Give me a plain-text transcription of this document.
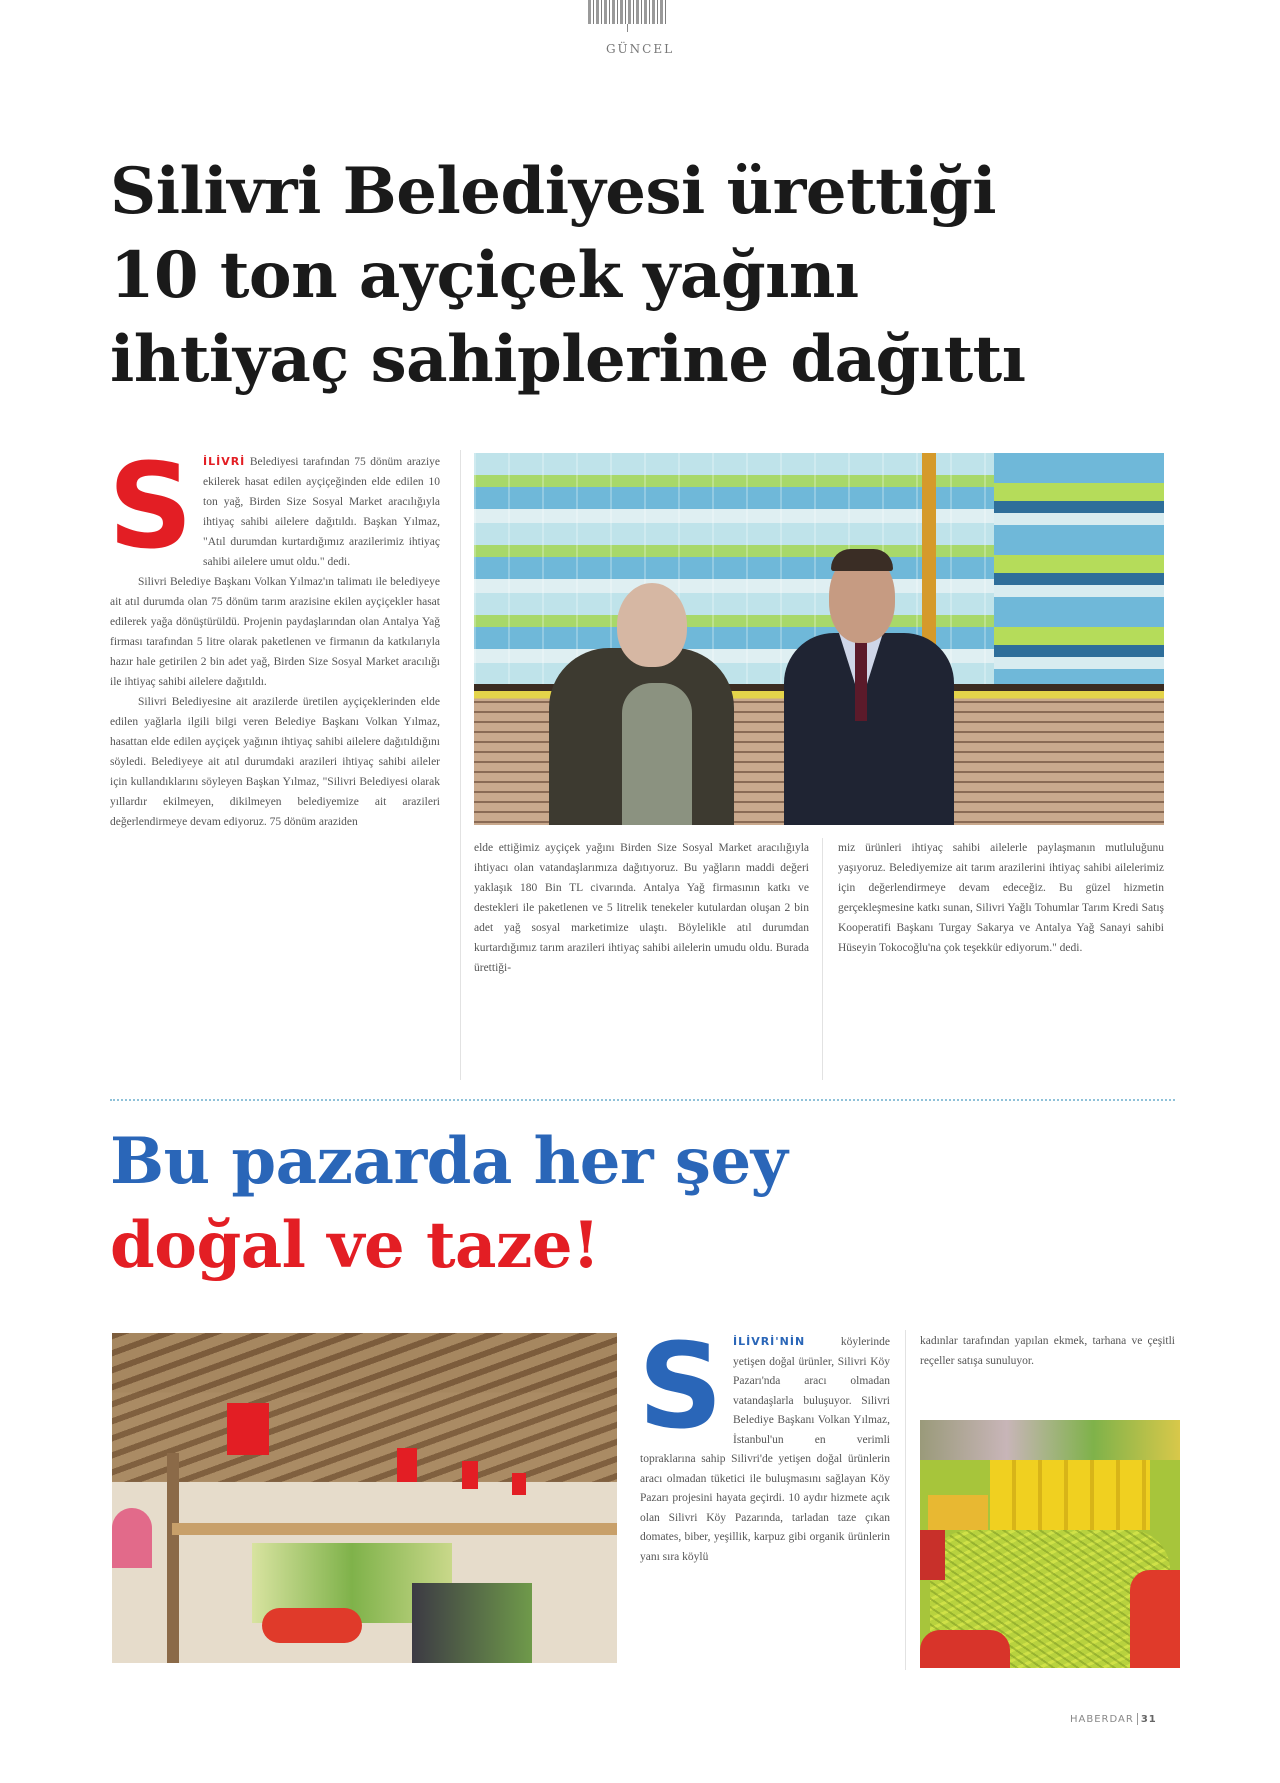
GÜNCEL
Silivri Belediyesi ürettiği
10 ton ayçiçek yağını
ihtiyaç sahiplerine dağıttı

S İLİVRİ Belediyesi tarafından 75 dönüm araziye ekilerek hasat edilen ayçiçeğinden elde edilen 10 ton yağ, Birden Size Sosyal Market aracılığıyla ihtiyaç sahibi ailelere dağıtıldı. Başkan Yılmaz, "Atıl durumdan kurtardığımız arazilerimiz ihtiyaç sahibi ailelere umut oldu." dedi.

Silivri Belediye Başkanı Volkan Yılmaz'ın talimatı ile belediyeye ait atıl durumda olan 75 dönüm tarım arazisine ekilen ayçiçekler hasat edilerek yağa dönüştürüldü. Projenin paydaşlarından olan Antalya Yağ firması tarafından 5 litre olarak paketlenen ve firmanın da katkılarıyla hazır hale getirilen 2 bin adet yağ, Birden Size Sosyal Market aracılığı ile ihtiyaç sahibi ailelere dağıtıldı.

Silivri Belediyesine ait arazilerde üretilen ayçiçeklerinden elde edilen yağlarla ilgili bilgi veren Belediye Başkanı Volkan Yılmaz, hasattan elde edilen ayçiçek yağının ihtiyaç sahibi ailelere dağıtıldığını söyledi. Belediyeye ait atıl durumdaki arazileri ihtiyaç sahibi aileler için kullandıklarını söyleyen Başkan Yılmaz, "Silivri Belediyesi olarak yıllardır ekilmeyen, dikilmeyen belediyemize ait arazileri değerlendirmeye devam ediyoruz. 75 dönüm araziden

elde ettiğimiz ayçiçek yağını Birden Size Sosyal Market aracılığıyla ihtiyacı olan vatandaşlarımıza dağıtıyoruz. Bu yağların maddi değeri yaklaşık 180 Bin TL civarında. Antalya Yağ firmasının katkı ve destekleri ile paketlenen ve 5 litrelik tenekeler kutulardan oluşan 2 bin adet yağ sosyal marketimize ulaştı. Böylelikle atıl durumdan kurtardığımız tarım arazileri ihtiyaç sahibi ailelerin umudu oldu. Burada ürettiği-

miz ürünleri ihtiyaç sahibi ailelerle paylaşmanın mutluluğunu yaşıyoruz. Belediyemize ait tarım arazilerini ihtiyaç sahibi ailelerimiz için değerlendirmeye devam edeceğiz. Bu güzel hizmetin gerçekleşmesine katkı sunan, Silivri Yağlı Tohumlar Tarım Kredi Satış Kooperatifi Başkanı Turgay Sakarya ve Antalya Yağ Sanayi sahibi Hüseyin Tokocoğlu'na çok teşekkür ediyorum." dedi.

Bu pazarda her şey
doğal ve taze!

S İLİVRİ'NİN	köylerinde yetişen doğal ürünler, Silivri Köy Pazarı'nda aracı olmadan vatandaşlarla buluşuyor. Silivri Belediye Başkanı Volkan Yılmaz, İstanbul'un en verimli topraklarına sahip Silivri'de yetişen doğal ürünlerin aracı olmadan tüketici ile buluşmasını sağlayan Köy Pazarı projesini hayata geçirdi. 10 aydır hizmete açık olan Silivri Köy Pazarında, tarladan taze çıkan domates, biber, yeşillik, karpuz gibi organik ürünlerin yanı sıra köylü

kadınlar tarafından yapılan ekmek, tarhana ve çeşitli reçeller satışa sunuluyor.

HABERDAR 31
